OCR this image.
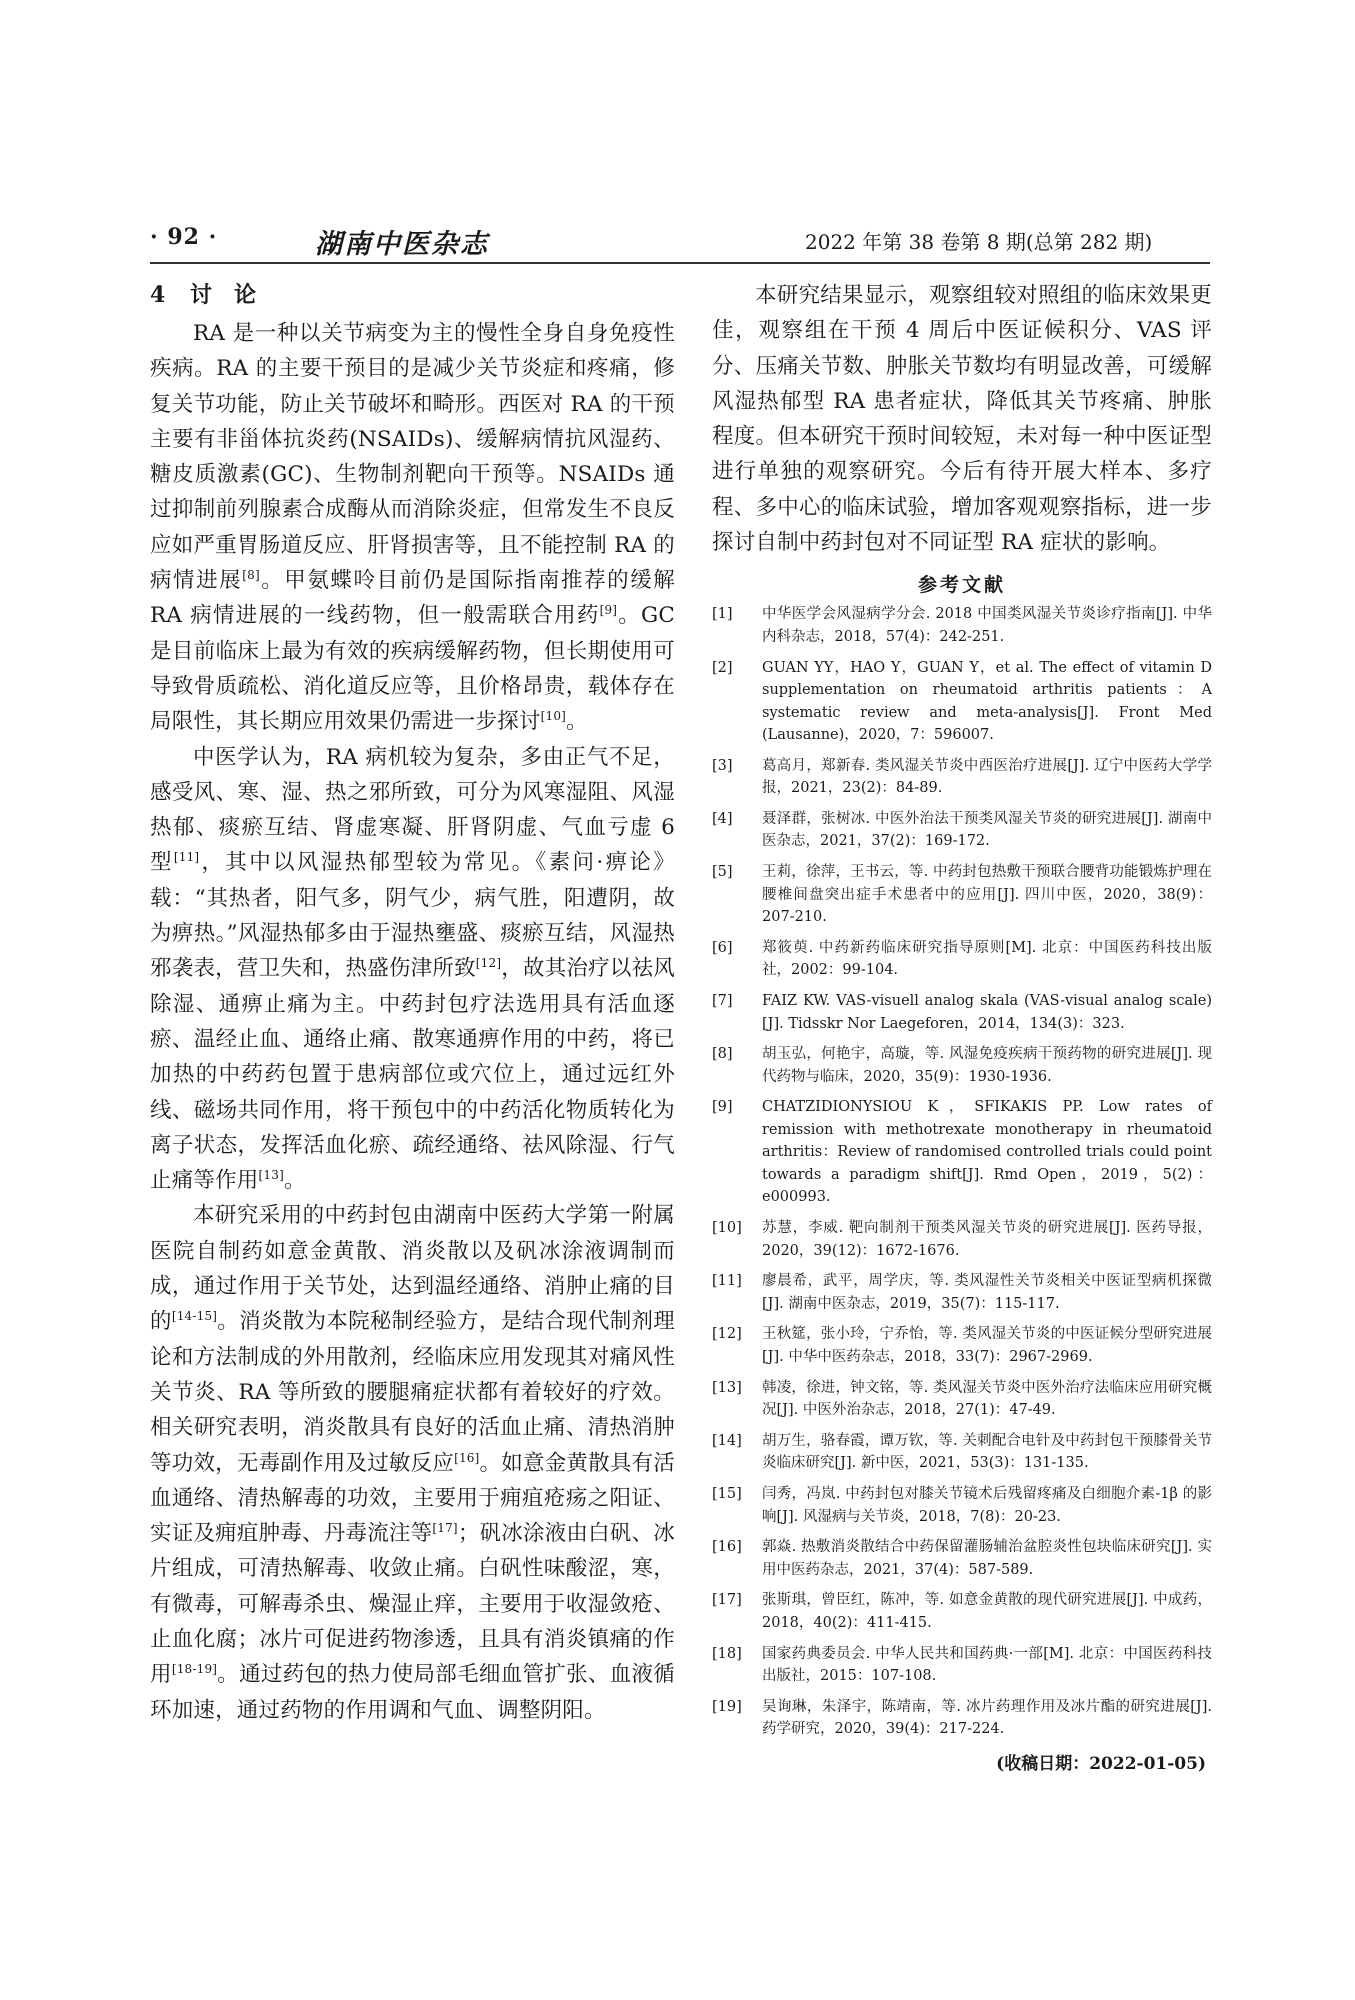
· 92 ·	湖南中医杂志	2022 年第 38 卷第 8 期(总第 282 期)
4 讨　论

RA 是一种以关节病变为主的慢性全身自身免疫性疾病。RA 的主要干预目的是减少关节炎症和疼痛，修复关节功能，防止关节破坏和畸形。西医对 RA 的干预主要有非甾体抗炎药(NSAIDs)、缓解病情抗风湿药、糖皮质激素(GC)、生物制剂靶向干预等。NSAIDs 通过抑制前列腺素合成酶从而消除炎症，但常发生不良反应如严重胃肠道反应、肝肾损害等，且不能控制 RA 的病情进展[8]。甲氨蝶呤目前仍是国际指南推荐的缓解 RA 病情进展的一线药物，但一般需联合用药[9]。GC 是目前临床上最为有效的疾病缓解药物，但长期使用可导致骨质疏松、消化道反应等，且价格昂贵，载体存在局限性，其长期应用效果仍需进一步探讨[10]。

中医学认为，RA 病机较为复杂，多由正气不足，感受风、寒、湿、热之邪所致，可分为风寒湿阻、风湿热郁、痰瘀互结、肾虚寒凝、肝肾阴虚、气血亏虚 6 型[11]，其中以风湿热郁型较为常见。《素问·痹论》载：“其热者，阳气多，阴气少，病气胜，阳遭阴，故为痹热。”风湿热郁多由于湿热壅盛、痰瘀互结，风湿热邪袭表，营卫失和，热盛伤津所致[12]，故其治疗以祛风除湿、通痹止痛为主。中药封包疗法选用具有活血逐瘀、温经止血、通络止痛、散寒通痹作用的中药，将已加热的中药药包置于患病部位或穴位上，通过远红外线、磁场共同作用，将干预包中的中药活化物质转化为离子状态，发挥活血化瘀、疏经通络、祛风除湿、行气止痛等作用[13]。

本研究采用的中药封包由湖南中医药大学第一附属医院自制药如意金黄散、消炎散以及矾冰涂液调制而成，通过作用于关节处，达到温经通络、消肿止痛的目的[14-15]。消炎散为本院秘制经验方，是结合现代制剂理论和方法制成的外用散剂，经临床应用发现其对痛风性关节炎、RA 等所致的腰腿痛症状都有着较好的疗效。相关研究表明，消炎散具有良好的活血止痛、清热消肿等功效，无毒副作用及过敏反应[16]。如意金黄散具有活血通络、清热解毒的功效，主要用于痈疽疮疡之阳证、实证及痈疽肿毒、丹毒流注等[17]；矾冰涂液由白矾、冰片组成，可清热解毒、收敛止痛。白矾性味酸涩，寒，有微毒，可解毒杀虫、燥湿止痒，主要用于收湿敛疮、止血化腐；冰片可促进药物渗透，且具有消炎镇痛的作用[18-19]。通过药包的热力使局部毛细血管扩张、血液循环加速，通过药物的作用调和气血、调整阴阳。

本研究结果显示，观察组较对照组的临床效果更佳，观察组在干预 4 周后中医证候积分、VAS 评分、压痛关节数、肿胀关节数均有明显改善，可缓解风湿热郁型 RA 患者症状，降低其关节疼痛、肿胀程度。但本研究干预时间较短，未对每一种中医证型进行单独的观察研究。今后有待开展大样本、多疗程、多中心的临床试验，增加客观观察指标，进一步探讨自制中药封包对不同证型 RA 症状的影响。

参考文献
[1] 中华医学会风湿病学分会. 2018 中国类风湿关节炎诊疗指南[J]. 中华内科杂志，2018，57(4)：242-251.
[2] GUAN YY，HAO Y，GUAN Y，et al. The effect of vitamin D supplementation on rheumatoid arthritis patients：A systematic review and meta-analysis[J]. Front Med (Lausanne)，2020，7：596007.
[3] 葛高月，郑新春. 类风湿关节炎中西医治疗进展[J]. 辽宁中医药大学学报，2021，23(2)：84-89.
[4] 聂泽群，张树冰. 中医外治法干预类风湿关节炎的研究进展[J]. 湖南中医杂志，2021，37(2)：169-172.
[5] 王莉，徐萍，王书云，等. 中药封包热敷干预联合腰背功能锻炼护理在腰椎间盘突出症手术患者中的应用[J]. 四川中医，2020，38(9)：207-210.
[6] 郑筱萸. 中药新药临床研究指导原则[M]. 北京：中国医药科技出版社，2002：99-104.
[7] FAIZ KW. VAS-visuell analog skala (VAS-visual analog scale)[J]. Tidsskr Nor Laegeforen，2014，134(3)：323.
[8] 胡玉弘，何艳宇，高璇，等. 风湿免疫疾病干预药物的研究进展[J]. 现代药物与临床，2020，35(9)：1930-1936.
[9] CHATZIDIONYSIOU K，SFIKAKIS PP. Low rates of remission with methotrexate monotherapy in rheumatoid arthritis：Review of randomised controlled trials could point towards a paradigm shift[J]. Rmd Open，2019，5(2)：e000993.
[10] 苏慧，李威. 靶向制剂干预类风湿关节炎的研究进展[J]. 医药导报，2020，39(12)：1672-1676.
[11] 廖晨希，武平，周学庆，等. 类风湿性关节炎相关中医证型病机探微[J]. 湖南中医杂志，2019，35(7)：115-117.
[12] 王秋筵，张小玲，宁乔怡，等. 类风湿关节炎的中医证候分型研究进展[J]. 中华中医药杂志，2018，33(7)：2967-2969.
[13] 韩凌，徐进，钟文铭，等. 类风湿关节炎中医外治疗法临床应用研究概况[J]. 中医外治杂志，2018，27(1)：47-49.
[14] 胡万生，骆春霞，谭万钦，等. 关刺配合电针及中药封包干预膝骨关节炎临床研究[J]. 新中医，2021，53(3)：131-135.
[15] 闫秀，冯岚. 中药封包对膝关节镜术后残留疼痛及白细胞介素-1β 的影响[J]. 风湿病与关节炎，2018，7(8)：20-23.
[16] 郭焱. 热敷消炎散结合中药保留灌肠辅治盆腔炎性包块临床研究[J]. 实用中医药杂志，2021，37(4)：587-589.
[17] 张斯琪，曾臣红，陈冲，等. 如意金黄散的现代研究进展[J]. 中成药，2018，40(2)：411-415.
[18] 国家药典委员会. 中华人民共和国药典·一部[M]. 北京：中国医药科技出版社，2015：107-108.
[19] 吴询琳，朱泽宇，陈靖南，等. 冰片药理作用及冰片酯的研究进展[J]. 药学研究，2020，39(4)：217-224.
(收稿日期：2022-01-05)
